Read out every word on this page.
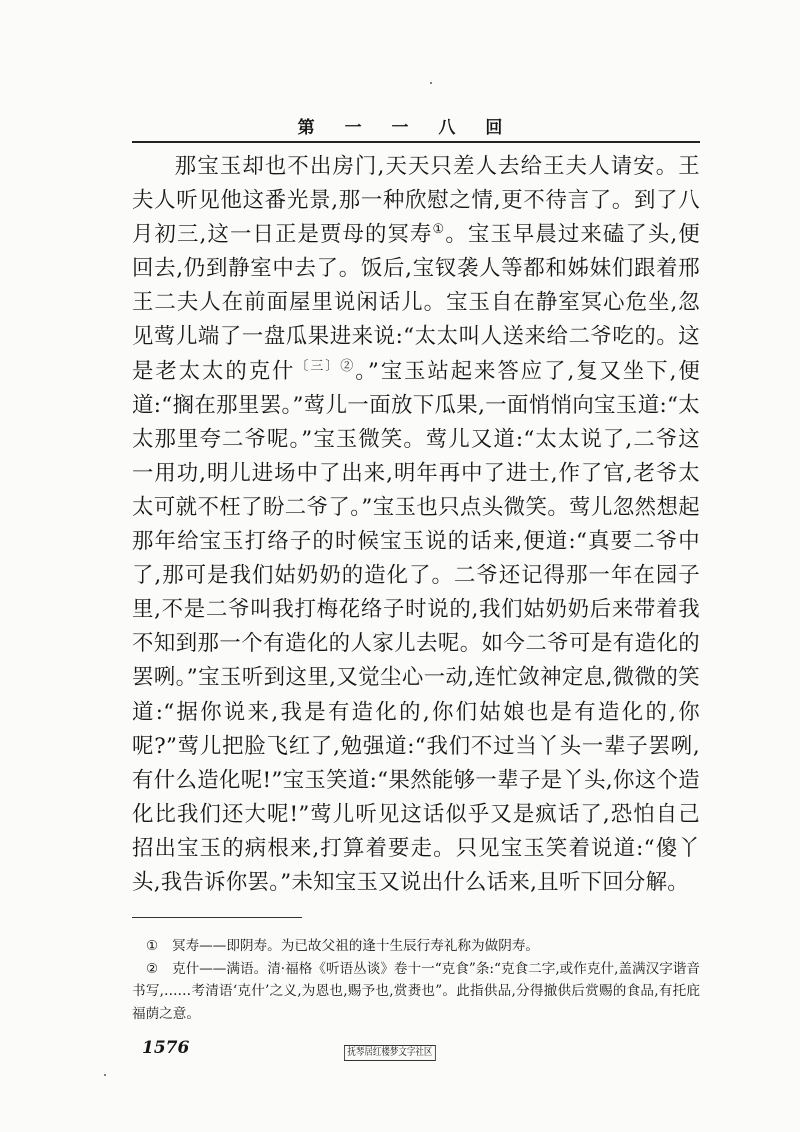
第 一 一 八 回

那宝玉却也不出房门,天天只差人去给王夫人请安。王夫人听见他这番光景,那一种欣慰之情,更不待言了。到了八月初三,这一日正是贾母的冥寿①。宝玉早晨过来磕了头,便回去,仍到静室中去了。饭后,宝钗袭人等都和姊妹们跟着邢王二夫人在前面屋里说闲话儿。宝玉自在静室冥心危坐,忽见莺儿端了一盘瓜果进来说:“太太叫人送来给二爷吃的。这是老太太的克什$^{〔三〕②}$。”宝玉站起来答应了,复又坐下,便道:“搁在那里罢。”莺儿一面放下瓜果,一面悄悄向宝玉道:“太太那里夸二爷呢。”宝玉微笑。莺儿又道:“太太说了,二爷这一用功,明儿进场中了出来,明年再中了进士,作了官,老爷太太可就不枉了盼二爷了。”宝玉也只点头微笑。莺儿忽然想起那年给宝玉打络子的时候宝玉说的话来,便道:“真要二爷中了,那可是我们姑奶奶的造化了。二爷还记得那一年在园子里,不是二爷叫我打梅花络子时说的,我们姑奶奶后来带着我不知到那一个有造化的人家儿去呢。如今二爷可是有造化的罢咧。”宝玉听到这里,又觉尘心一动,连忙敛神定息,微微的笑道:“据你说来,我是有造化的,你们姑娘也是有造化的,你呢?”莺儿把脸飞红了,勉强道:“我们不过当丫头一辈子罢咧,有什么造化呢!”宝玉笑道:“果然能够一辈子是丫头,你这个造化比我们还大呢!”莺儿听见这话似乎又是疯话了,恐怕自己招出宝玉的病根来,打算着要走。只见宝玉笑着说道:“傻丫头,我告诉你罢。”未知宝玉又说出什么话来,且听下回分解。

① 冥寿——即阴寿。为已故父祖的逢十生辰行寿礼称为做阴寿。
② 克什——满语。清·福格《听语丛谈》卷十一“克食”条:“克食二字,或作克什,盖满汉字谐音书写,……考清语‘克什’之义,为恩也,赐予也,赏赉也”。此指供品,分得撤供后赏赐的食品,有托庇福荫之意。
1576	抚琴居红楼梦文字社区
